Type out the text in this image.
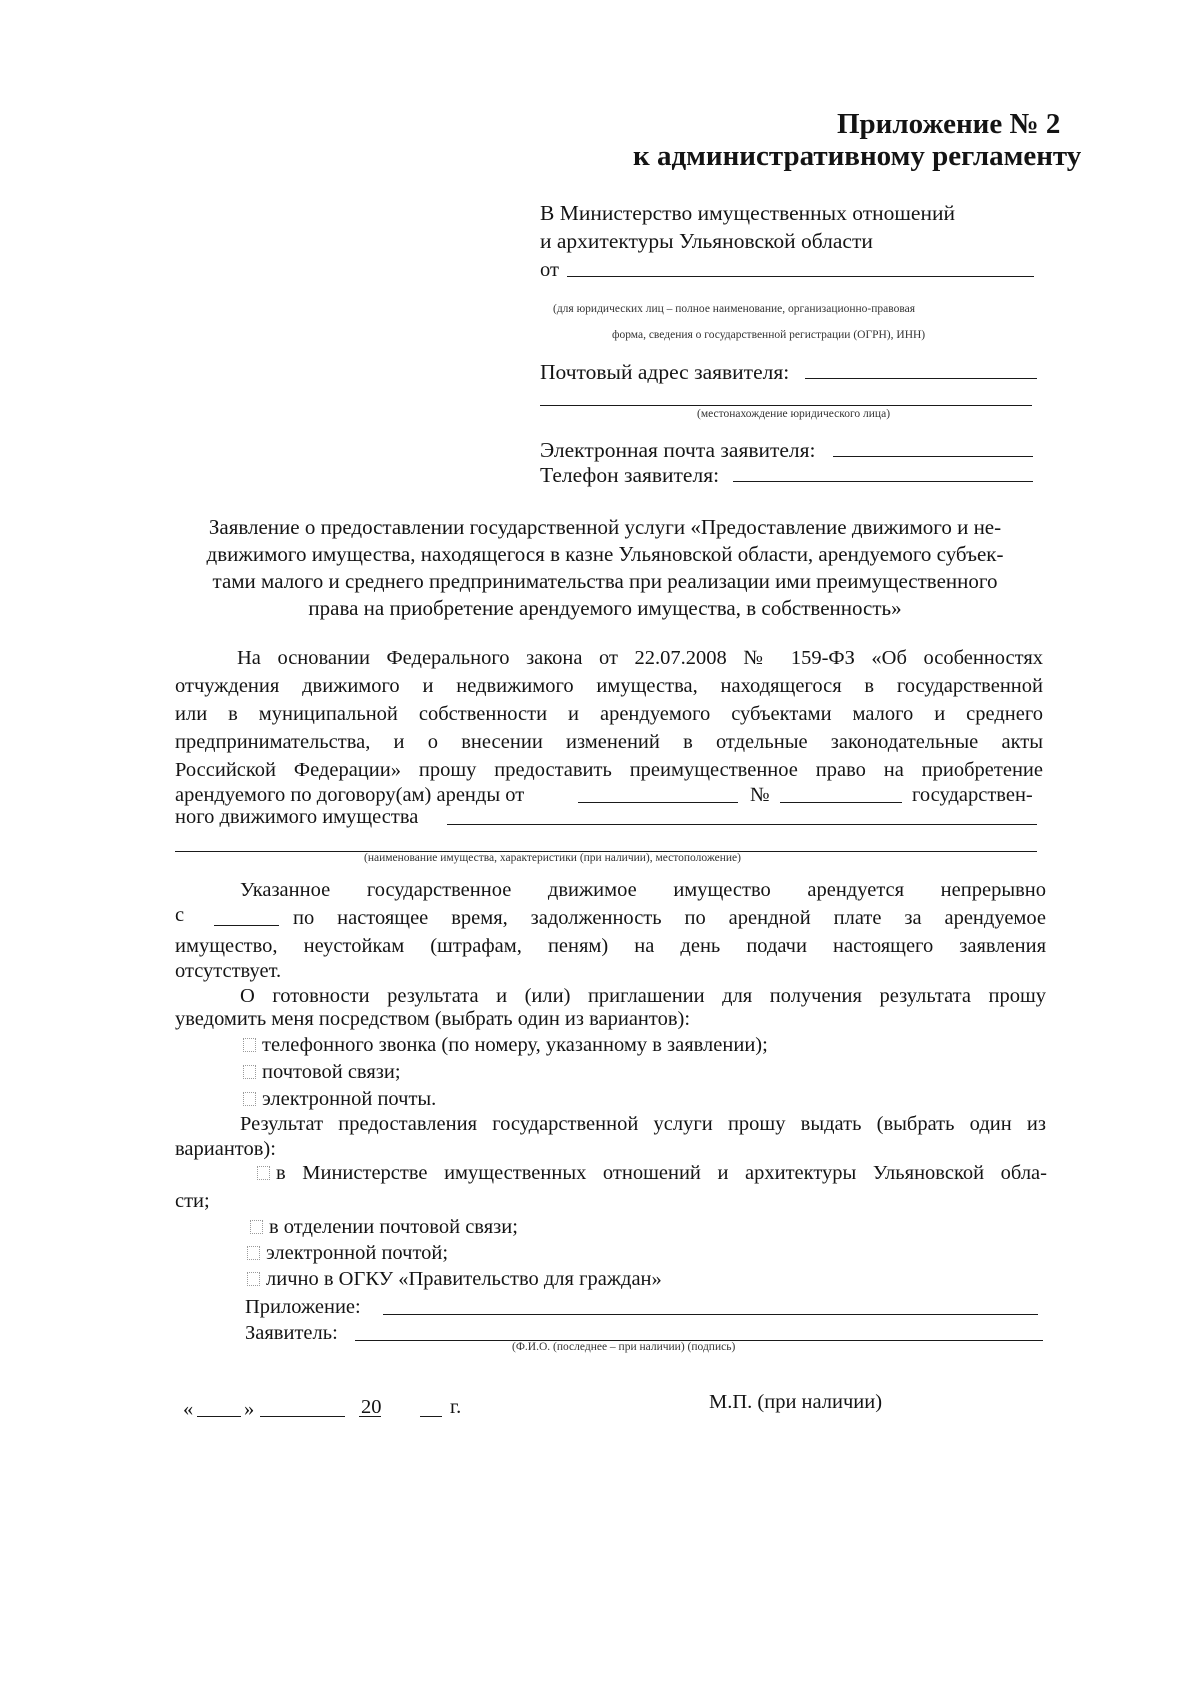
Приложение № 2
к административному регламенту
В Министерство имущественных отношений
и архитектуры Ульяновской области
от
(для юридических лиц – полное наименование, организационно-правовая
форма, сведения о государственной регистрации (ОГРН), ИНН)
Почтовый адрес заявителя:
(местонахождение юридического лица)
Электронная почта заявителя:
Телефон заявителя:
Заявление о предоставлении государственной услуги «Предоставление движимого и не-
движимого имущества, находящегося в казне Ульяновской области, арендуемого субъек-
тами малого и среднего предпринимательства при реализации ими преимущественного
права на приобретение арендуемого имущества, в собственность»
На основании Федерального закона от 22.07.2008 № 159-ФЗ «Об особенностях
отчуждения движимого и недвижимого имущества, находящегося в государственной
или в муниципальной собственности и арендуемого субъектами малого и среднего
предпринимательства, и о внесении изменений в отдельные законодательные акты
Российской Федерации» прошу предоставить преимущественное право на приобретение
арендуемого по договору(ам) аренды от	№	государствен-
ного движимого имущества
(наименование имущества, характеристики (при наличии), местоположение)
Указанное государственное движимое имущество арендуется непрерывно
с	по настоящее время, задолженность по арендной плате за арендуемое
имущество, неустойкам (штрафам, пеням) на день подачи настоящего заявления
отсутствует.
О готовности результата и (или) приглашении для получения результата прошу
уведомить меня посредством (выбрать один из вариантов):
телефонного звонка (по номеру, указанному в заявлении);
почтовой связи;
электронной почты.
Результат предоставления государственной услуги прошу выдать (выбрать один из
вариантов):
в Министерстве имущественных отношений и архитектуры Ульяновской обла-
сти;
в отделении почтовой связи;
электронной почтой;
лично в ОГКУ «Правительство для граждан»
Приложение:
Заявитель:
(Ф.И.О. (последнее – при наличии) (подпись)
« »	20	г.	М.П. (при наличии)
